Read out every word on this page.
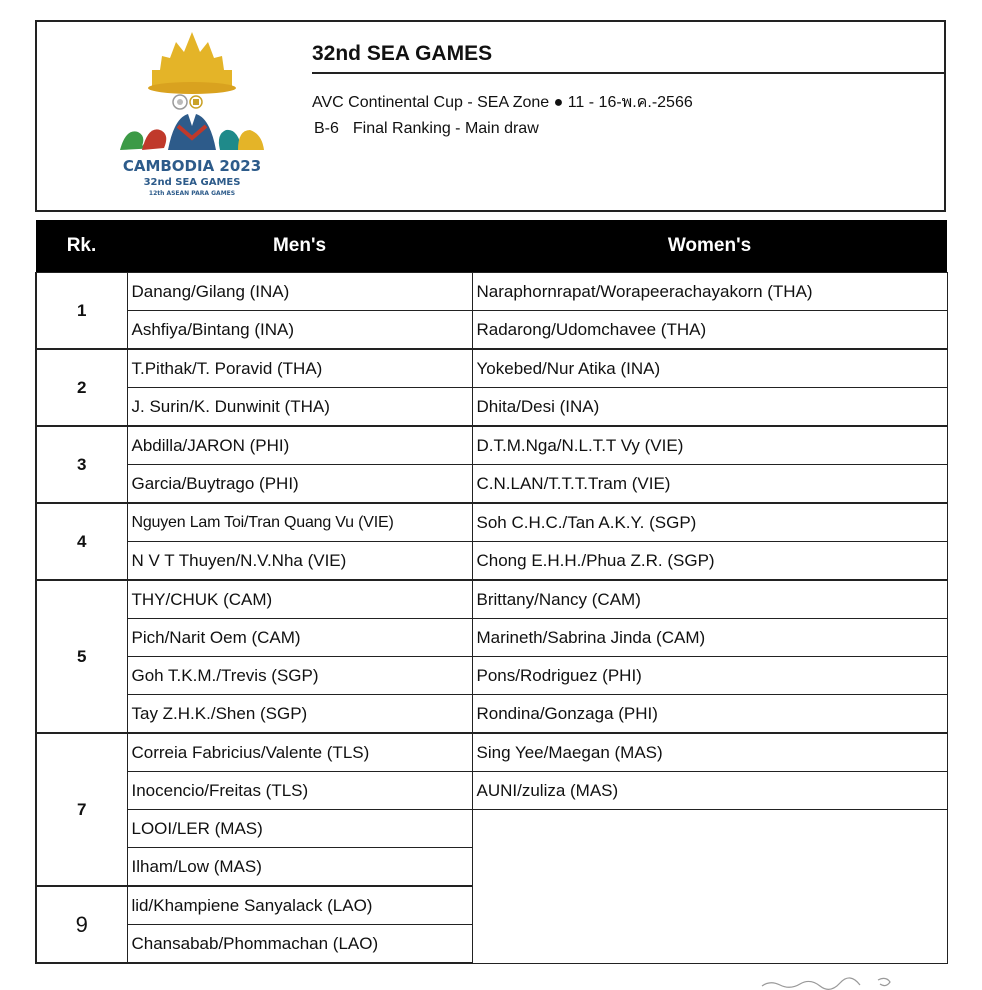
CAMBODIA 2023
32nd SEA GAMES
12th ASEAN PARA GAMES
32nd SEA GAMES
AVC Continental Cup - SEA Zone ● 11 - 16-พ.ค.-2566
B-6 Final Ranking - Main draw
Rk.	Men's	Women's
1	Danang/Gilang (INA)	Naraphornrapat/Worapeerachayakorn (THA)
	Ashfiya/Bintang (INA)	Radarong/Udomchavee (THA)
2	T.Pithak/T. Poravid (THA)	Yokebed/Nur Atika (INA)
	J. Surin/K. Dunwinit (THA)	Dhita/Desi (INA)
3	Abdilla/JARON (PHI)	D.T.M.Nga/N.L.T.T Vy (VIE)
	Garcia/Buytrago (PHI)	C.N.LAN/T.T.T.Tram (VIE)
4	Nguyen Lam Toi/Tran Quang Vu (VIE)	Soh C.H.C./Tan A.K.Y. (SGP)
	N V T Thuyen/N.V.Nha (VIE)	Chong E.H.H./Phua Z.R. (SGP)
5	THY/CHUK (CAM)	Brittany/Nancy (CAM)
	Pich/Narit Oem (CAM)	Marineth/Sabrina Jinda (CAM)
	Goh T.K.M./Trevis (SGP)	Pons/Rodriguez (PHI)
	Tay Z.H.K./Shen (SGP)	Rondina/Gonzaga (PHI)
7	Correia Fabricius/Valente (TLS)	Sing Yee/Maegan (MAS)
	Inocencio/Freitas (TLS)	AUNI/zuliza (MAS)
	LOOI/LER (MAS)	
	Ilham/Low (MAS)	
9	lid/Khampiene Sanyalack (LAO)	
	Chansabab/Phommachan (LAO)	
